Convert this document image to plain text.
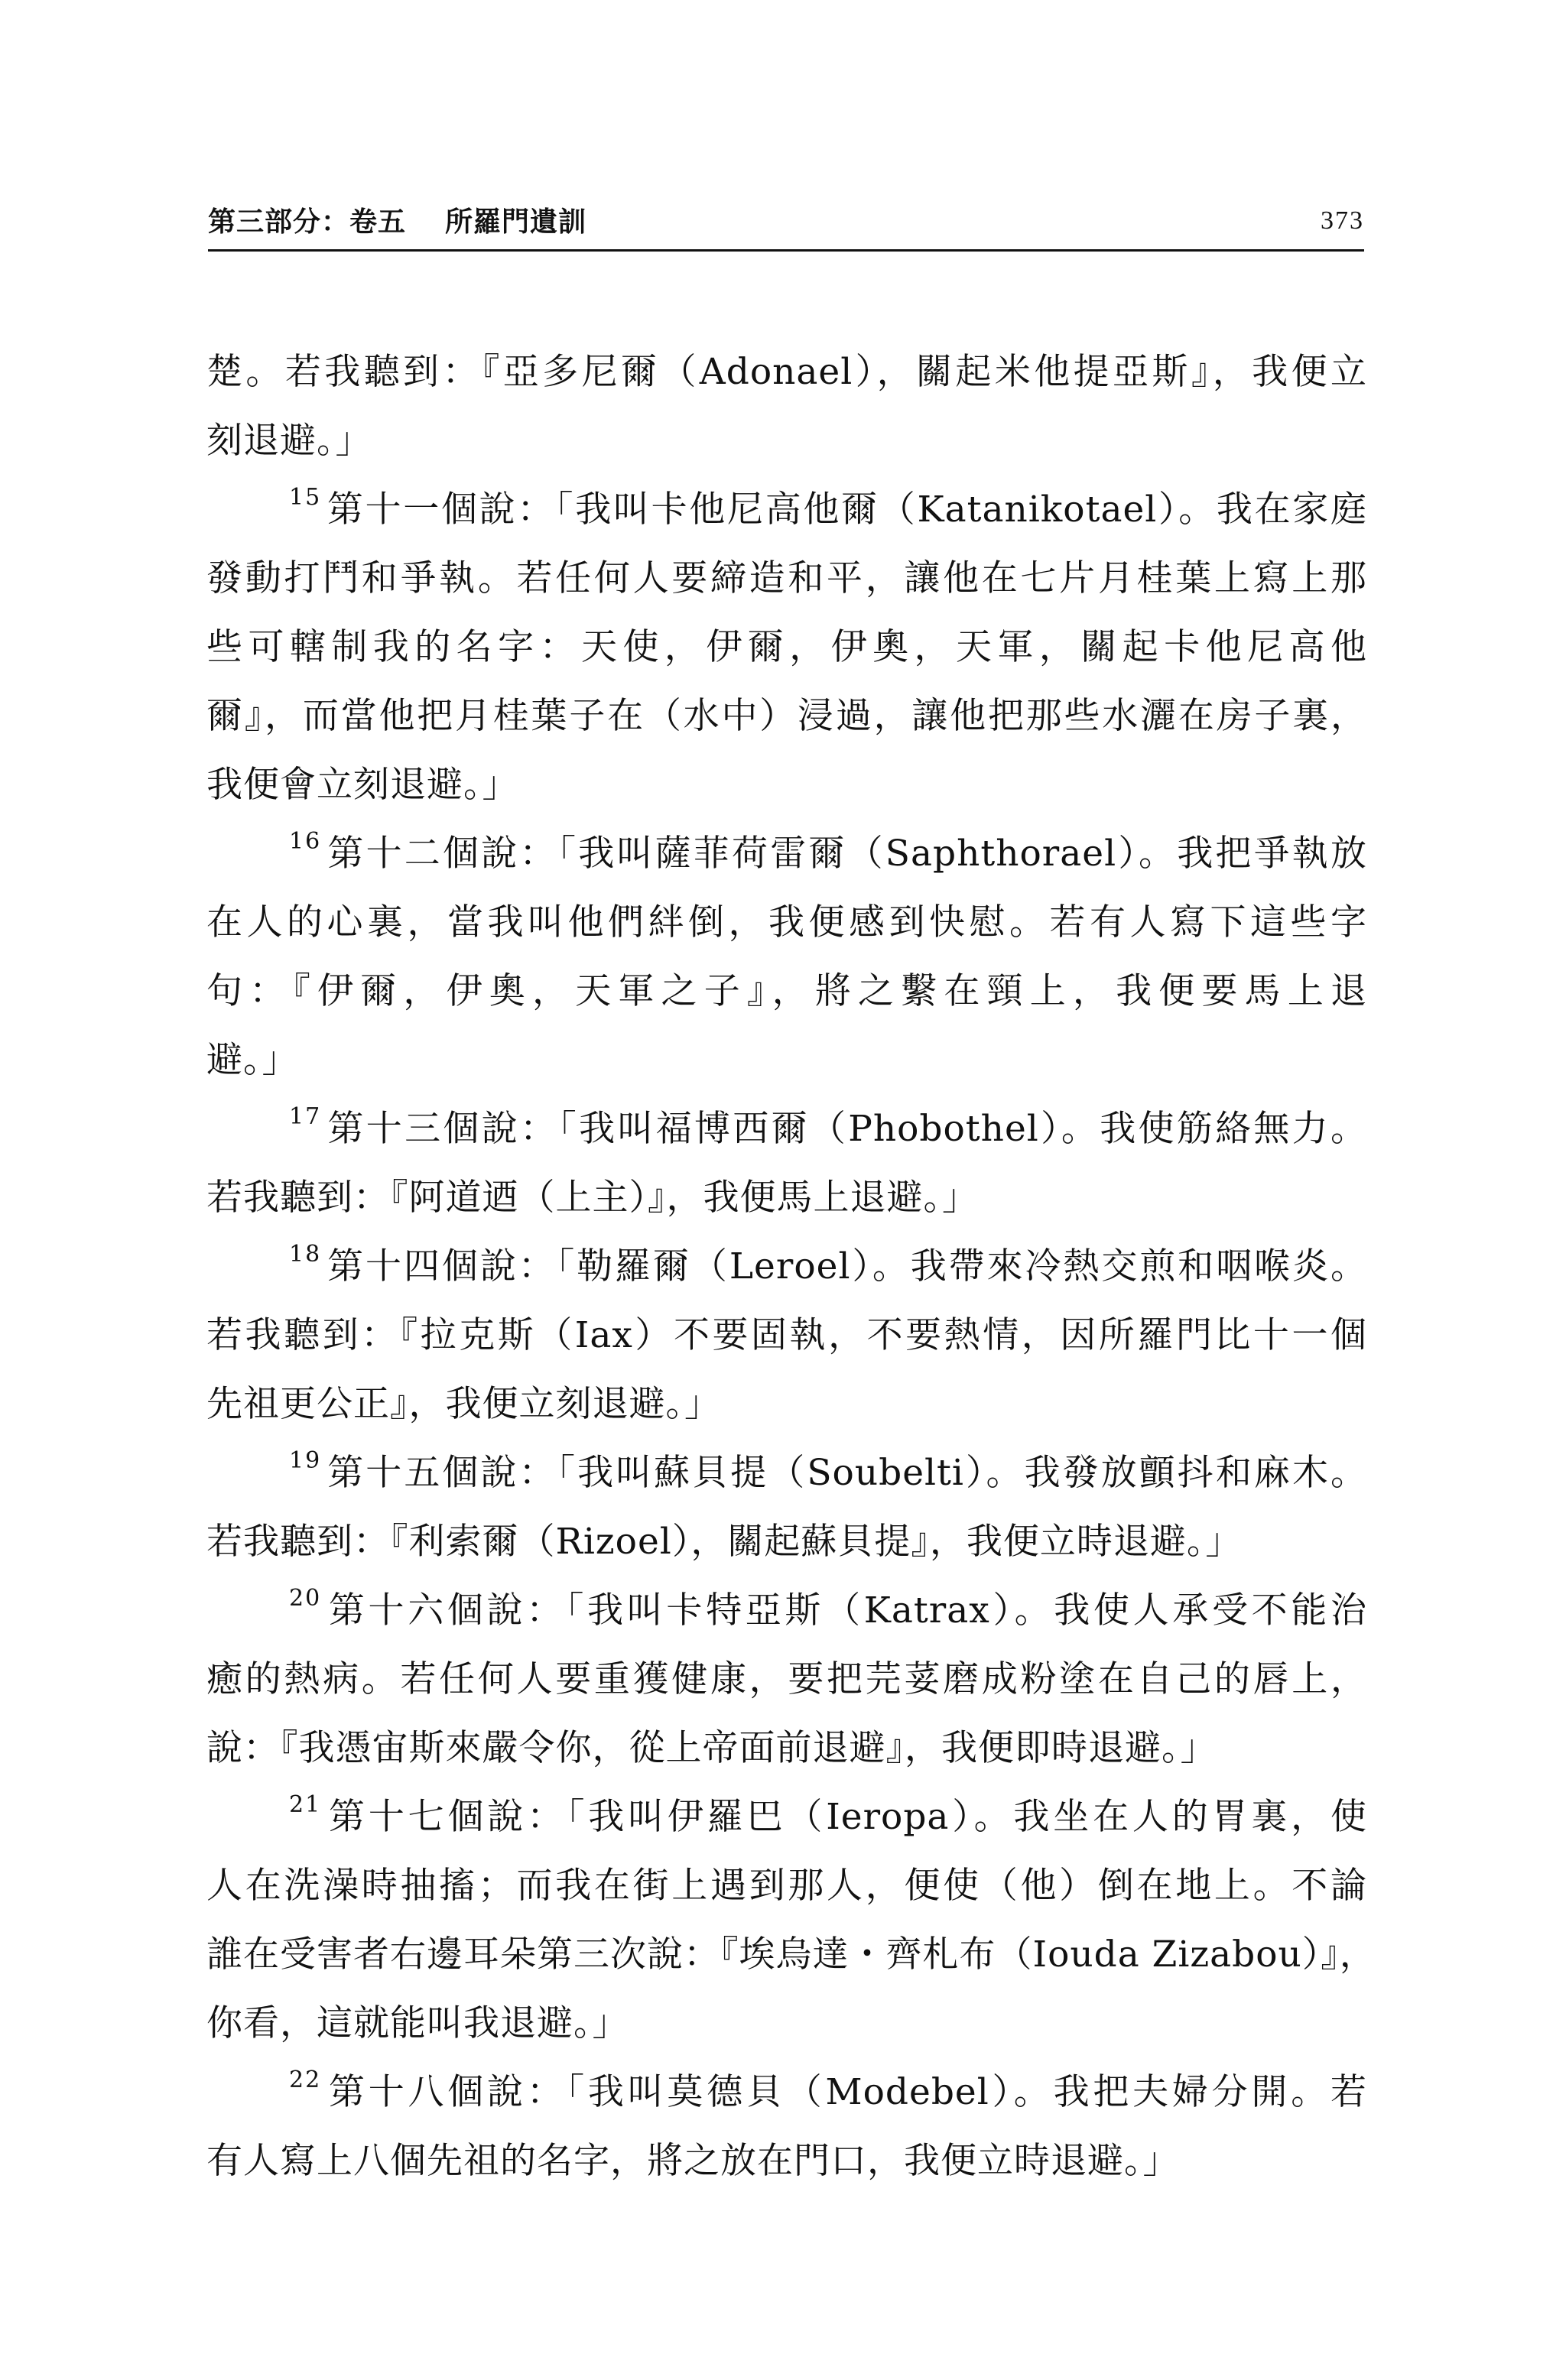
第三部分：卷五 所羅門遺訓	373
楚。若我聽到：『亞多尼爾（Adonael），關起米他提亞斯』，我便立
刻退避。」
$^{15}$ 第十一個說：「我叫卡他尼高他爾（Katanikotael）。我在家庭
發動打鬥和爭執。若任何人要締造和平，讓他在七片月桂葉上寫上那
些可轄制我的名字：天使，伊爾，伊奧，天軍，關起卡他尼高他
爾』，而當他把月桂葉子在（水中）浸過，讓他把那些水灑在房子裏，
我便會立刻退避。」
$^{16}$ 第十二個說：「我叫薩菲荷雷爾（Saphthorael）。我把爭執放
在人的心裏，當我叫他們絆倒，我便感到快慰。若有人寫下這些字
句：『伊爾，伊奧，天軍之子』，將之繫在頸上，我便要馬上退
避。」
$^{17}$ 第十三個說：「我叫福博西爾（Phobothel）。我使筋絡無力。
若我聽到：『阿道迺（上主）』，我便馬上退避。」
$^{18}$ 第十四個說：「勒羅爾（Leroel）。我帶來冷熱交煎和咽喉炎。
若我聽到：『拉克斯（Iax）不要固執，不要熱情，因所羅門比十一個
先祖更公正』，我便立刻退避。」
$^{19}$ 第十五個說：「我叫蘇貝提（Soubelti）。我發放顫抖和麻木。
若我聽到：『利索爾（Rizoel），關起蘇貝提』，我便立時退避。」
$^{20}$ 第十六個說：「我叫卡特亞斯（Katrax）。我使人承受不能治
癒的熱病。若任何人要重獲健康，要把芫荽磨成粉塗在自己的唇上，
說：『我憑宙斯來嚴令你，從上帝面前退避』，我便即時退避。」
$^{21}$ 第十七個說：「我叫伊羅巴（Ieropa）。我坐在人的胃裏，使
人在洗澡時抽搐；而我在街上遇到那人，便使（他）倒在地上。不論
誰在受害者右邊耳朵第三次說：『埃烏達・齊札布（Iouda Zizabou）』，
你看，這就能叫我退避。」
$^{22}$ 第十八個說：「我叫莫德貝（Modebel）。我把夫婦分開。若
有人寫上八個先祖的名字，將之放在門口，我便立時退避。」
